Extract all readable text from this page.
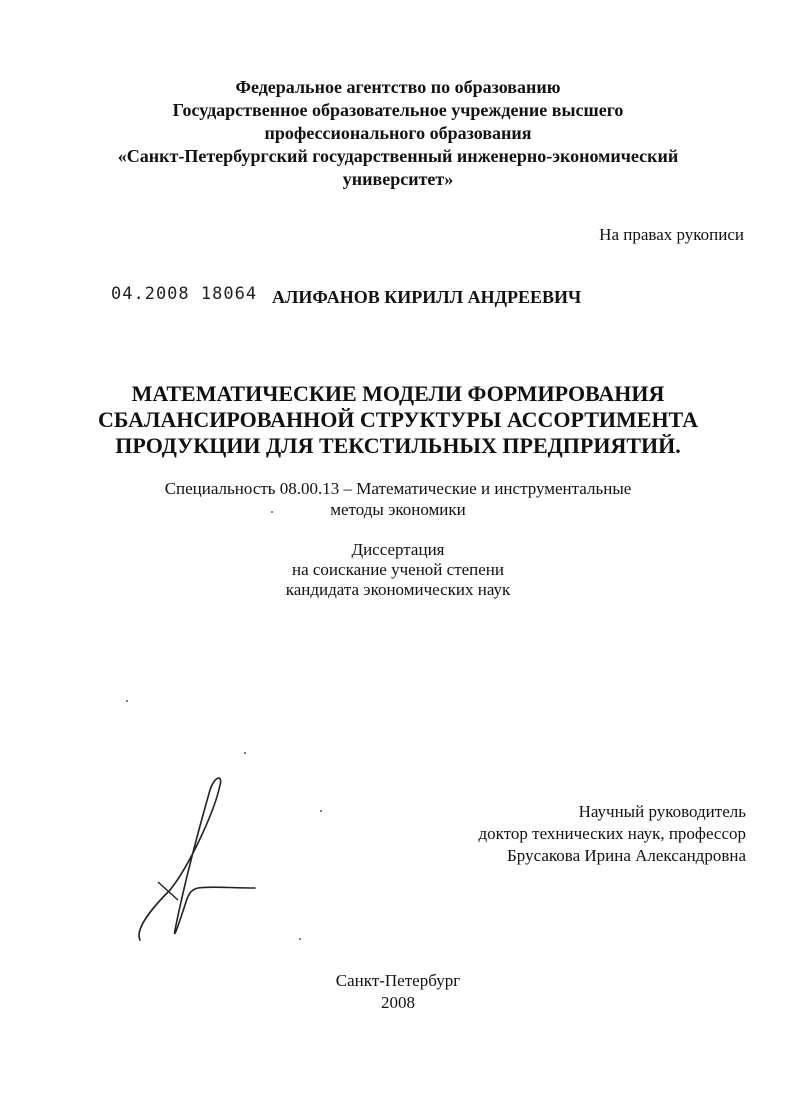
Федеральное агентство по образованию
Государственное образовательное учреждение высшего
профессионального образования
«Санкт-Петербургский государственный инженерно-экономический
университет»
На правах рукописи
04.2008 18064 АЛИФАНОВ КИРИЛЛ АНДРЕЕВИЧ
МАТЕМАТИЧЕСКИЕ МОДЕЛИ ФОРМИРОВАНИЯ
СБАЛАНСИРОВАННОЙ СТРУКТУРЫ АССОРТИМЕНТА
ПРОДУКЦИИ ДЛЯ ТЕКСТИЛЬНЫХ ПРЕДПРИЯТИЙ.
Специальность 08.00.13 – Математические и инструментальные
методы экономики
Диссертация
на соискание ученой степени
кандидата экономических наук
Научный руководитель
доктор технических наук, профессор
Брусакова Ирина Александровна
Санкт-Петербург
2008
